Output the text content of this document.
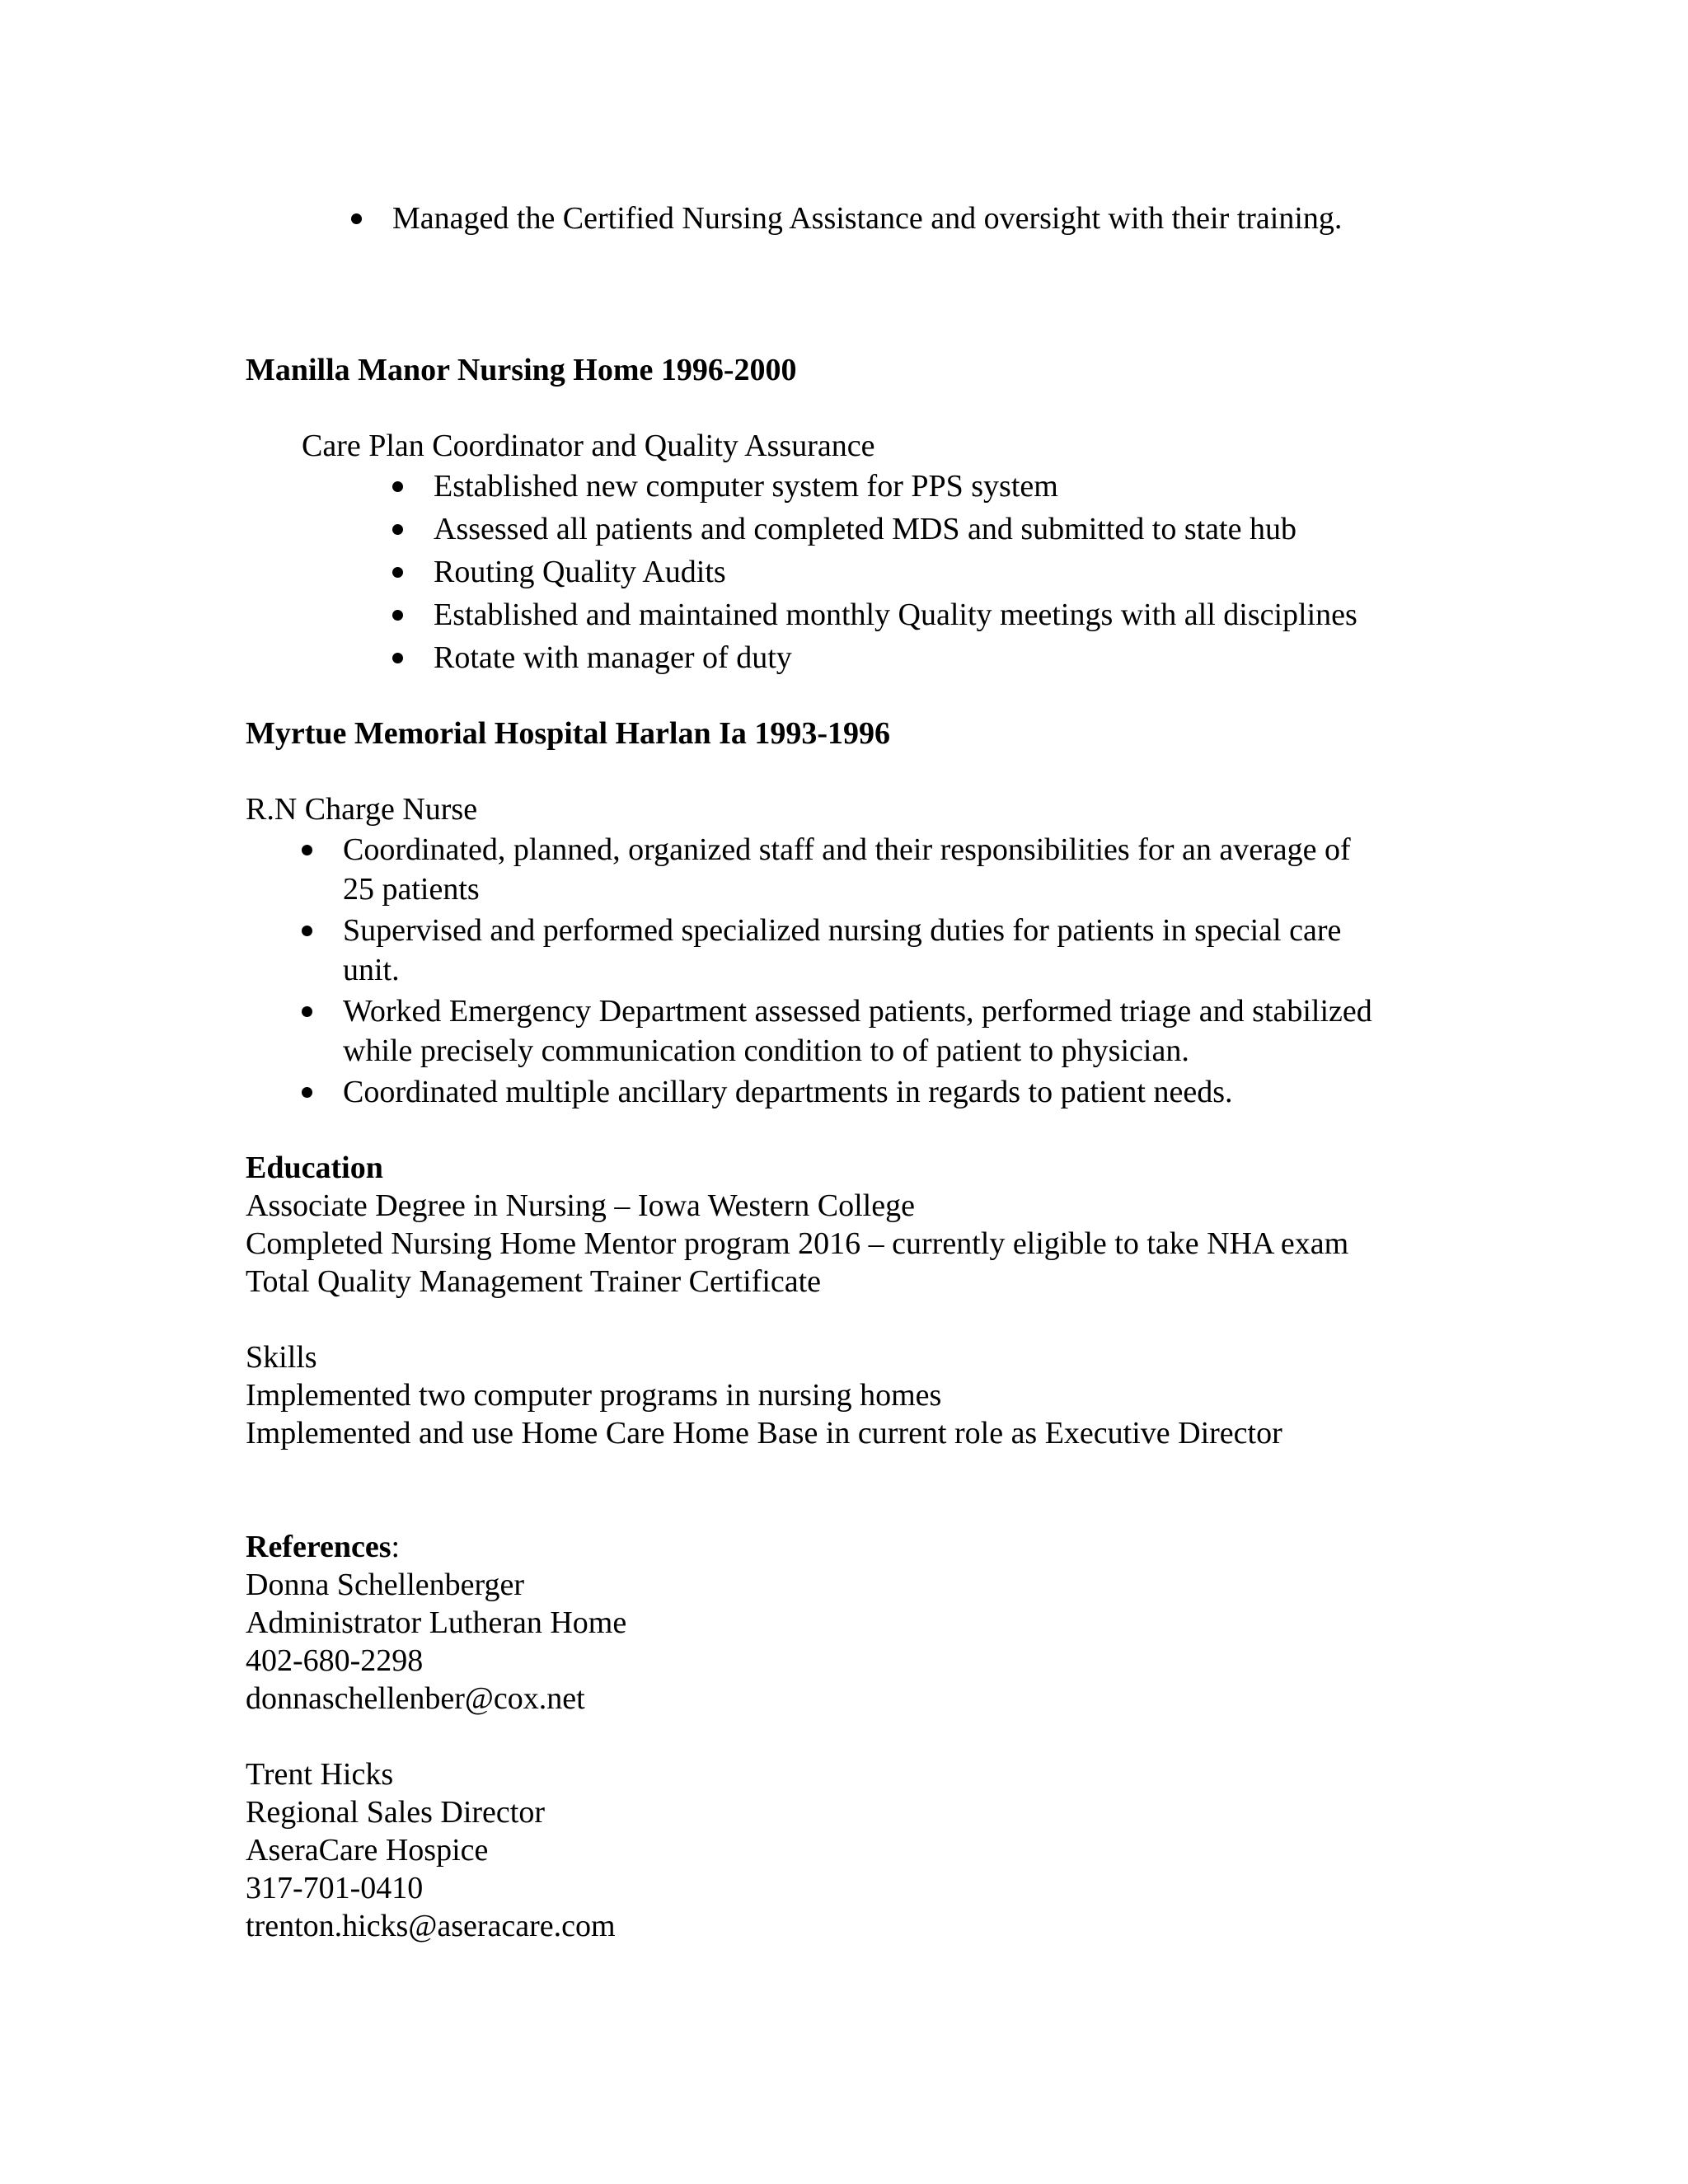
Managed the Certified Nursing Assistance and oversight with their training.
Manilla Manor Nursing Home 1996-2000
Care Plan Coordinator and Quality Assurance
Established new computer system for PPS system
Assessed all patients and completed MDS and submitted to state hub
Routing Quality Audits
Established and maintained monthly Quality meetings with all disciplines
Rotate with manager of duty
Myrtue Memorial Hospital Harlan Ia 1993-1996
R.N Charge Nurse
Coordinated, planned, organized staff and their responsibilities for an average of
25 patients
Supervised and performed specialized nursing duties for patients in special care
unit.
Worked Emergency Department assessed patients, performed triage and stabilized
while precisely communication condition to of patient to physician.
Coordinated multiple ancillary departments in regards to patient needs.
Education
Associate Degree in Nursing – Iowa Western College
Completed Nursing Home Mentor program 2016 – currently eligible to take NHA exam
Total Quality Management Trainer Certificate
Skills
Implemented two computer programs in nursing homes
Implemented and use Home Care Home Base in current role as Executive Director
References:
Donna Schellenberger
Administrator Lutheran Home
402-680-2298
donnaschellenber@cox.net
Trent Hicks
Regional Sales Director
AseraCare Hospice
317-701-0410
trenton.hicks@aseracare.com
